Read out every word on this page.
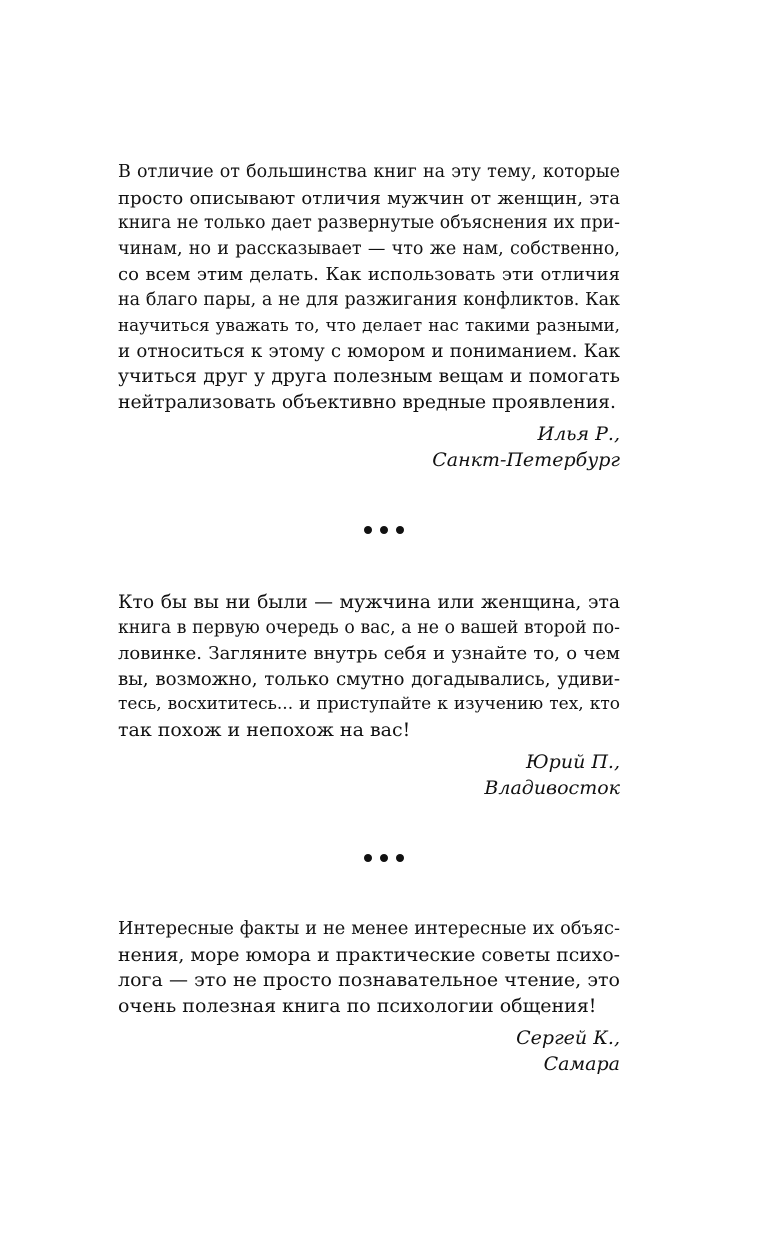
В отличие от большинства книг на эту тему, которые
просто описывают отличия мужчин от женщин, эта
книга не только дает развернутые объяснения их при-
чинам, но и рассказывает — что же нам, собственно,
со всем этим делать. Как использовать эти отличия
на благо пары, а не для разжигания конфликтов. Как
научиться уважать то, что делает нас такими разными,
и относиться к этому с юмором и пониманием. Как
учиться друг у друга полезным вещам и помогать
нейтрализовать объективно вредные проявления.

Илья Р.,
Санкт-Петербург

Кто бы вы ни были — мужчина или женщина, эта
книга в первую очередь о вас, а не о вашей второй по-
ловинке. Загляните внутрь себя и узнайте то, о чем
вы, возможно, только смутно догадывались, удиви-
тесь, восхититесь... и приступайте к изучению тех, кто
так похож и непохож на вас!

Юрий П.,
Владивосток

Интересные факты и не менее интересные их объяс-
нения, море юмора и практические советы психо-
лога — это не просто познавательное чтение, это
очень полезная книга по психологии общения!

Сергей К.,
Самара
